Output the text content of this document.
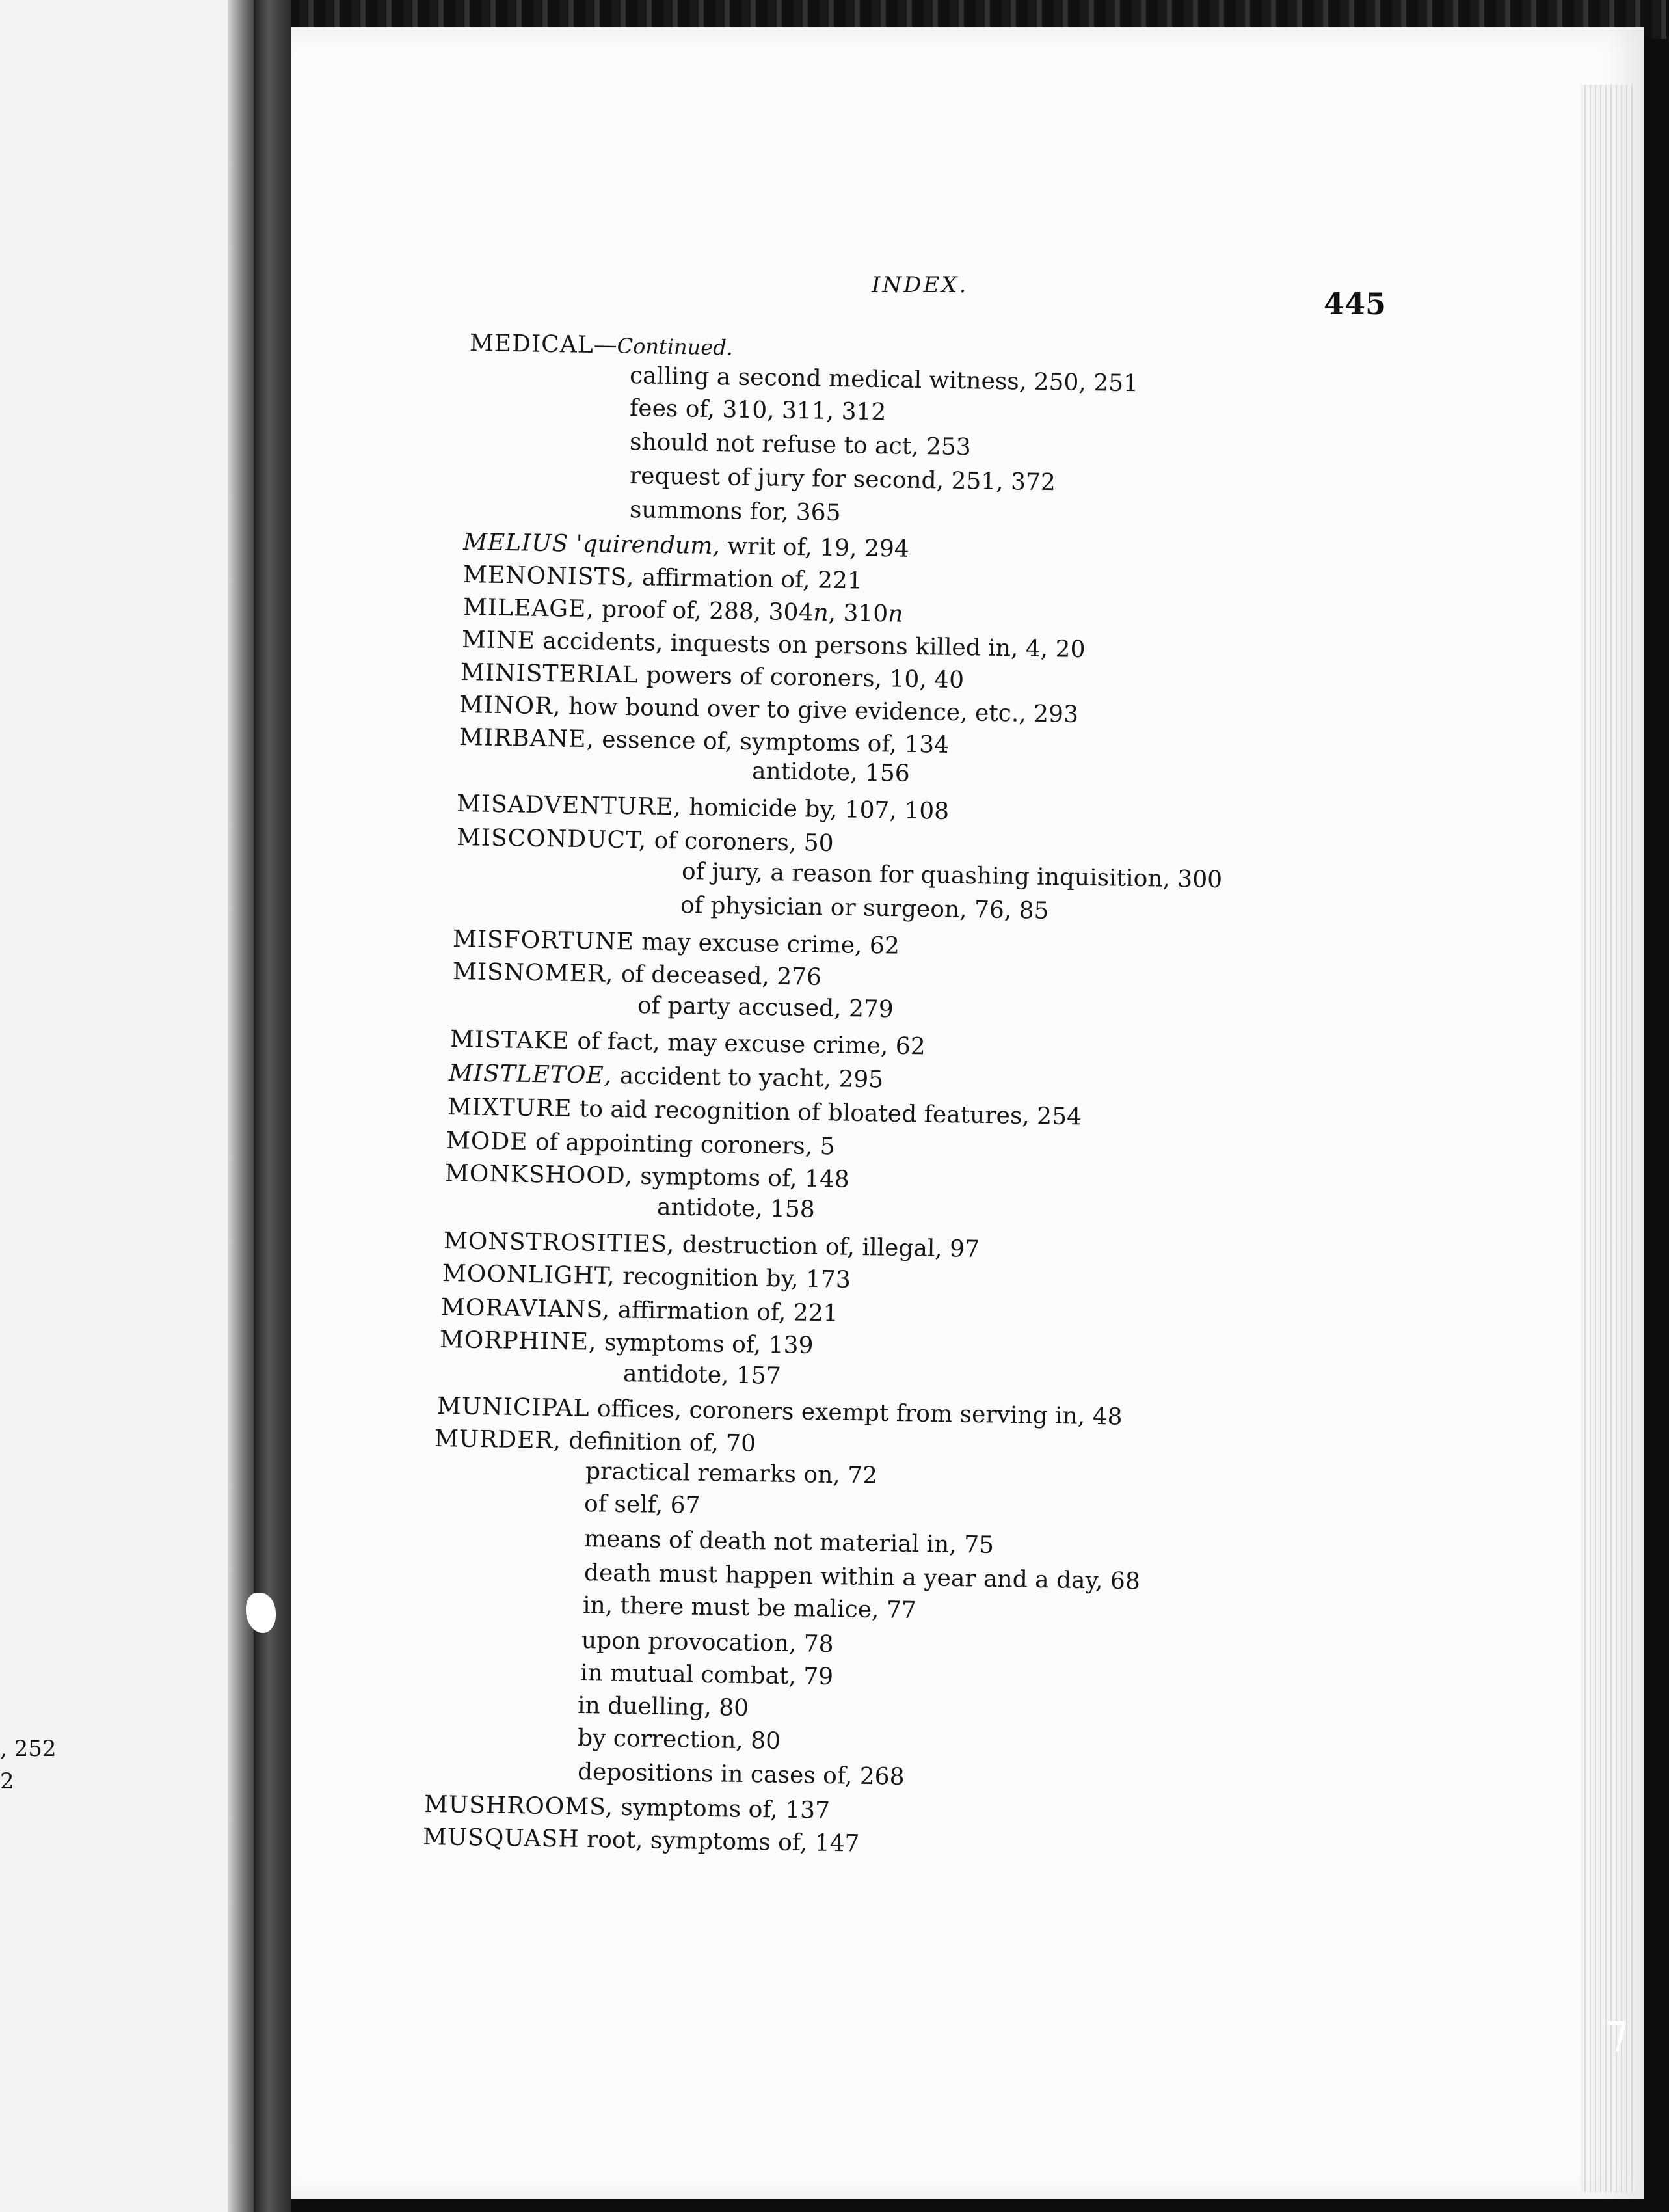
, 252
2
INDEX.
445
MEDICAL—Continued.
calling a second medical witness, 250, 251
fees of, 310, 311, 312
should not refuse to act, 253
request of jury for second, 251, 372
summons for, 365
MELIUS 'quirendum, writ of, 19, 294
MENONISTS, affirmation of, 221
MILEAGE, proof of, 288, 304n, 310n
MINE accidents, inquests on persons killed in, 4, 20
MINISTERIAL powers of coroners, 10, 40
MINOR, how bound over to give evidence, etc., 293
MIRBANE, essence of, symptoms of, 134
antidote, 156
MISADVENTURE, homicide by, 107, 108
MISCONDUCT, of coroners, 50
of jury, a reason for quashing inquisition, 300
of physician or surgeon, 76, 85
MISFORTUNE may excuse crime, 62
MISNOMER, of deceased, 276
of party accused, 279
MISTAKE of fact, may excuse crime, 62
MISTLETOE, accident to yacht, 295
MIXTURE to aid recognition of bloated features, 254
MODE of appointing coroners, 5
MONKSHOOD, symptoms of, 148
antidote, 158
MONSTROSITIES, destruction of, illegal, 97
MOONLIGHT, recognition by, 173
MORAVIANS, affirmation of, 221
MORPHINE, symptoms of, 139
antidote, 157
MUNICIPAL offices, coroners exempt from serving in, 48
MURDER, definition of, 70
practical remarks on, 72
of self, 67
means of death not material in, 75
death must happen within a year and a day, 68
in, there must be malice, 77
upon provocation, 78
in mutual combat, 79
in duelling, 80
by correction, 80
depositions in cases of, 268
MUSHROOMS, symptoms of, 137
MUSQUASH root, symptoms of, 147
⁊
